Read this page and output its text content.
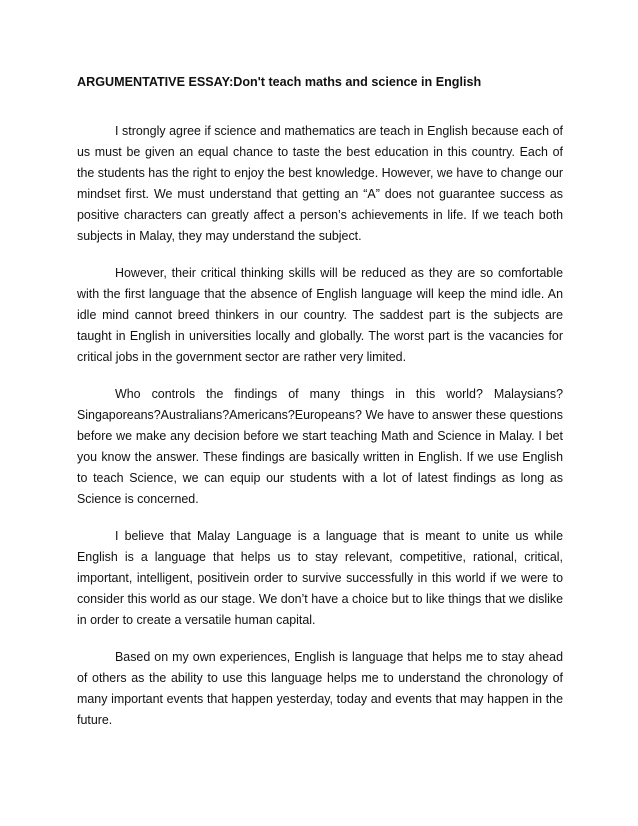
ARGUMENTATIVE ESSAY:Don't teach maths and science in English

I strongly agree if science and mathematics are teach in English because each of us must be given an equal chance to taste the best education in this country. Each of the students has the right to enjoy the best knowledge. However, we have to change our mindset first. We must understand that getting an “A” does not guarantee success as positive characters can greatly affect a person’s achievements in life. If we teach both subjects in Malay, they may understand the subject.

However, their critical thinking skills will be reduced as they are so comfortable with the first language that the absence of English language will keep the mind idle. An idle mind cannot breed thinkers in our country. The saddest part is the subjects are taught in English in universities locally and globally. The worst part is the vacancies for critical jobs in the government sector are rather very limited.

Who controls the findings of many things in this world? Malaysians?Singaporeans?Australians?Americans?Europeans? We have to answer these questions before we make any decision before we start teaching Math and Science in Malay. I bet you know the answer. These findings are basically written in English. If we use English to teach Science, we can equip our students with a lot of latest findings as long as Science is concerned.

I believe that Malay Language is a language that is meant to unite us while English is a language that helps us to stay relevant, competitive, rational, critical, important, intelligent, positivein order to survive successfully in this world if we were to consider this world as our stage. We don’t have a choice but to like things that we dislike in order to create a versatile human capital.

Based on my own experiences, English is language that helps me to stay ahead of others as the ability to use this language helps me to understand the chronology of many important events that happen yesterday, today and events that may happen in the future.
